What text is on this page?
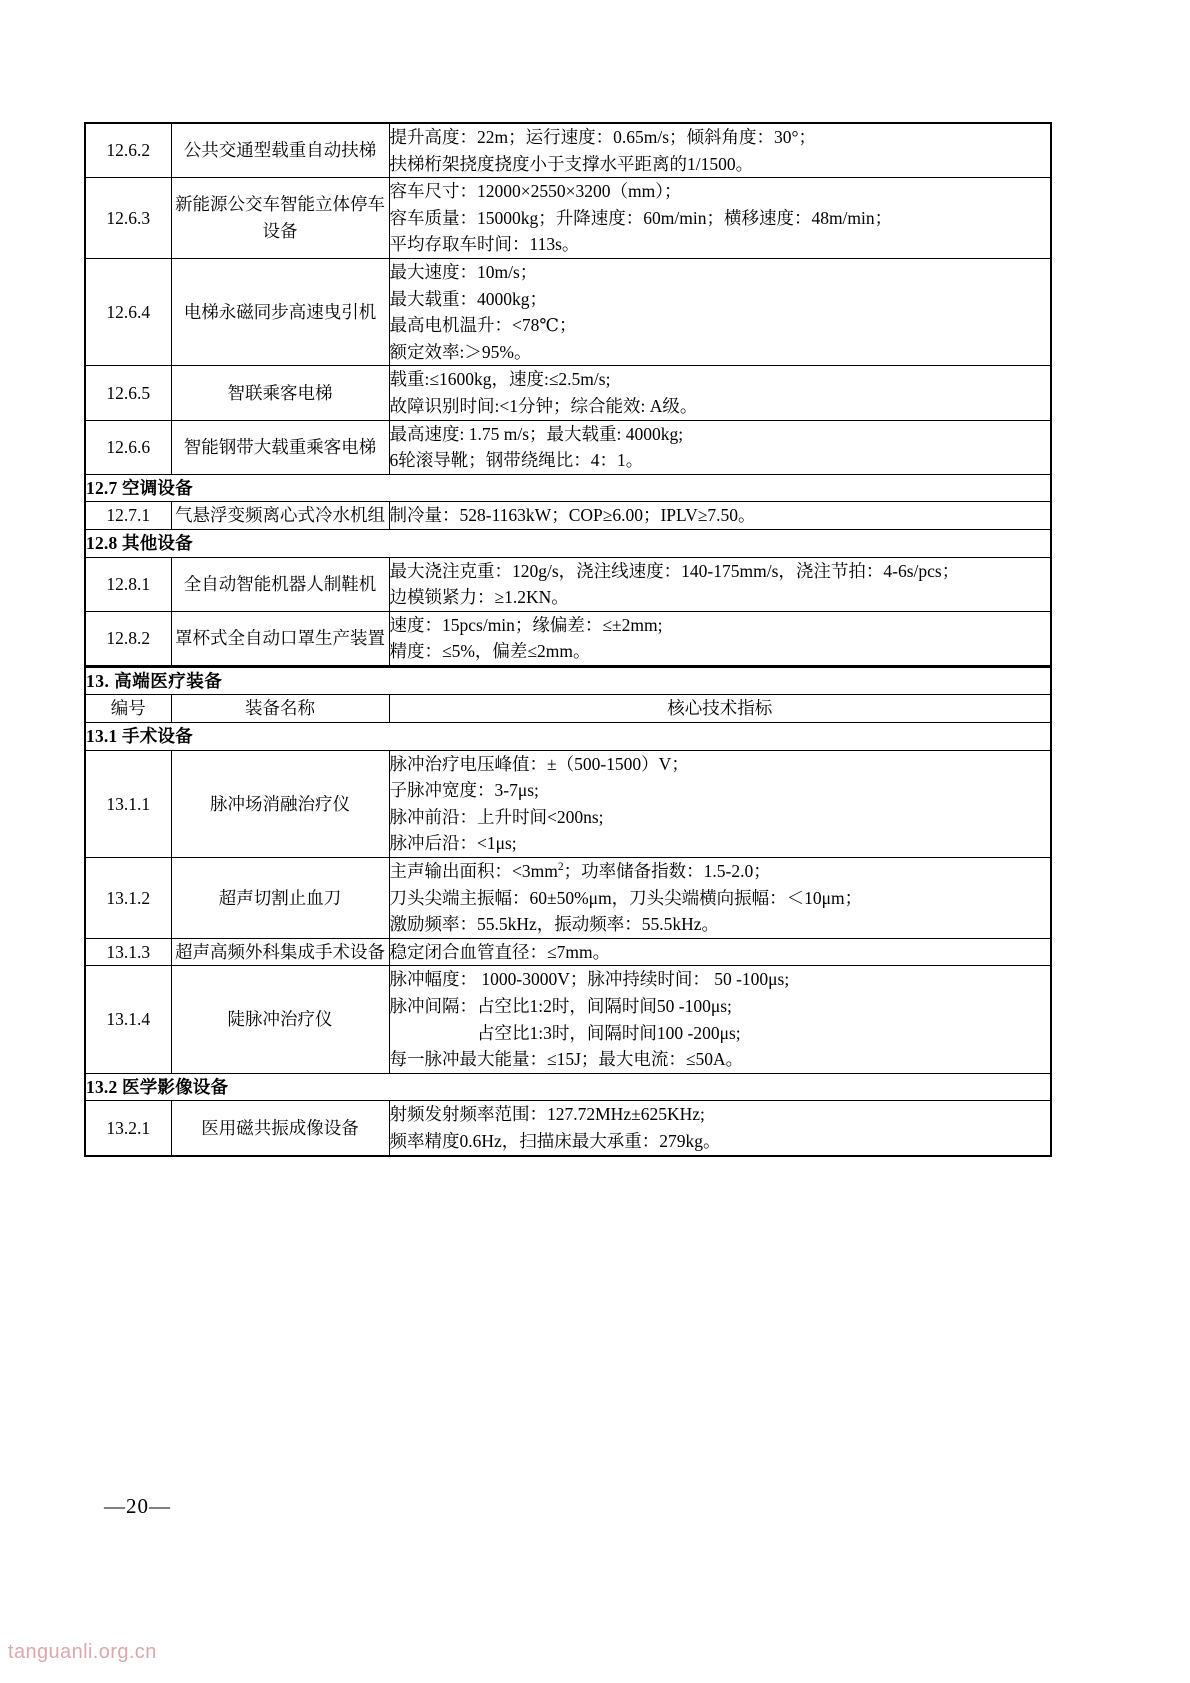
12.6.2	公共交通型载重自动扶梯	提升高度：22m；运行速度：0.65m/s；倾斜角度：30°；
扶梯桁架挠度挠度小于支撑水平距离的1/1500。

12.6.3	新能源公交车智能立体停车设备	容车尺寸：12000×2550×3200（mm）；
容车质量：15000kg；升降速度：60m/min；横移速度：48m/min；
平均存取车时间：113s。

12.6.4	电梯永磁同步高速曳引机	最大速度：10m/s；
最大载重：4000kg；
最高电机温升：<78℃；
额定效率:＞95%。

12.6.5	智联乘客电梯	载重:≤1600kg，速度:≤2.5m/s;
故障识别时间:<1分钟；综合能效: A级。

12.6.6	智能钢带大载重乘客电梯	最高速度: 1.75 m/s；最大载重: 4000kg;
6轮滚导靴；钢带绕绳比：4：1。

12.7 空调设备		
12.7.1	气悬浮变频离心式冷水机组	制冷量：528-1163kW；COP≥6.00；IPLV≥7.50。

12.8 其他设备		
12.8.1	全自动智能机器人制鞋机	最大浇注克重：120g/s，浇注线速度：140-175mm/s，浇注节拍：4-6s/pcs；
边模锁紧力：≥1.2KN。

12.8.2	罩杯式全自动口罩生产装置	速度：15pcs/min；缘偏差：≤±2mm;
精度：≤5%，偏差≤2mm。
13. 高端医疗装备		
编号	装备名称	核心技术指标
13.1 手术设备		
13.1.1	脉冲场消融治疗仪	脉冲治疗电压峰值：±（500-1500）V；
子脉冲宽度：3-7μs;
脉冲前沿：上升时间<200ns;
脉冲后沿：<1μs;

13.1.2	超声切割止血刀	主声输出面积：$<3mm^2$；功率储备指数：1.5-2.0；
刀头尖端主振幅：60±50%μm，刀头尖端横向振幅：＜10μm；
激励频率：55.5kHz，振动频率：55.5kHz。

13.1.3	超声高频外科集成手术设备	稳定闭合血管直径：≤7mm。

13.1.4	陡脉冲治疗仪	脉冲幅度： 1000-3000V；脉冲持续时间： 50 -100μs;
脉冲间隔：占空比1:2时，间隔时间50 -100μs;
占空比1:3时，间隔时间100 -200μs;
每一脉冲最大能量：≤15J；最大电流：≤50A。

13.2 医学影像设备		
13.2.1	医用磁共振成像设备	射频发射频率范围：127.72MHz±625KHz;
频率精度0.6Hz，扫描床最大承重：279kg。
—20—
tanguanli.org.cn
